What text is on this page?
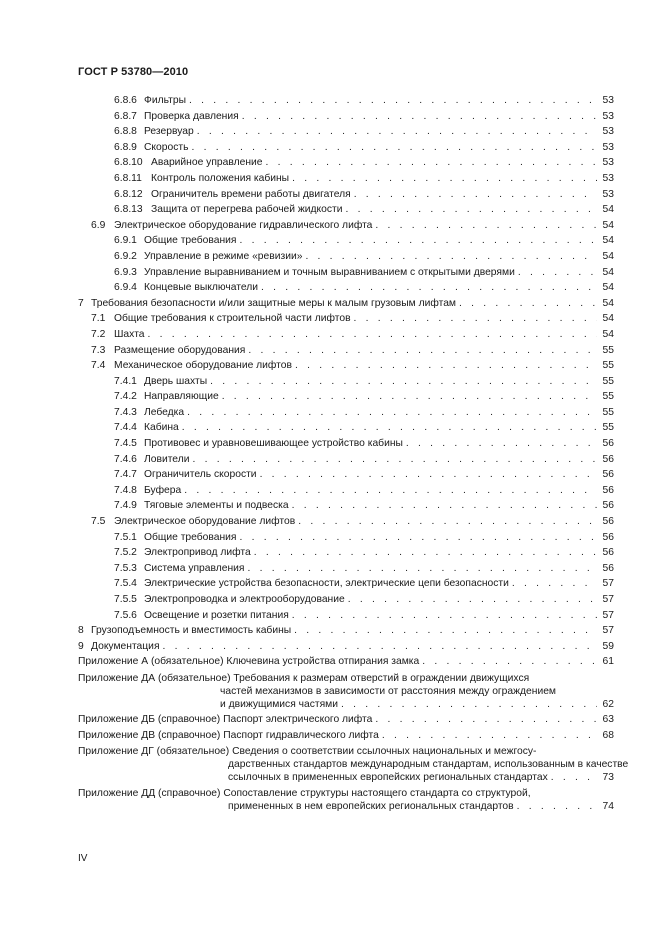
ГОСТ Р 53780—2010
6.8.6 Фильтры . . .	53
6.8.7 Проверка давления . . .	53
6.8.8 Резервуар . . .	53
6.8.9 Скорость . . .	53
6.8.10 Аварийное управление . . .	53
6.8.11 Контроль положения кабины . . .	53
6.8.12 Ограничитель времени работы двигателя . . .	53
6.8.13 Защита от перегрева рабочей жидкости . . .	54
6.9 Электрическое оборудование гидравлического лифта . . .	54
6.9.1 Общие требования . . .	54
6.9.2 Управление в режиме «ревизии» . . .	54
6.9.3 Управление выравниванием и точным выравниванием с открытыми дверями . . .	54
6.9.4 Концевые выключатели . . .	54
7 Требования безопасности и/или защитные меры к малым грузовым лифтам . . .	54
7.1 Общие требования к строительной части лифтов . . .	54
7.2 Шахта . . .	54
7.3 Размещение оборудования . . .	55
7.4 Механическое оборудование лифтов . . .	55
7.4.1 Дверь шахты . . .	55
7.4.2 Направляющие . . .	55
7.4.3 Лебедка . . .	55
7.4.4 Кабина . . .	55
7.4.5 Противовес и уравновешивающее устройство кабины . . .	56
7.4.6 Ловители . . .	56
7.4.7 Ограничитель скорости . . .	56
7.4.8 Буфера . . .	56
7.4.9 Тяговые элементы и подвеска . . .	56
7.5 Электрическое оборудование лифтов . . .	56
7.5.1 Общие требования . . .	56
7.5.2 Электропривод лифта . . .	56
7.5.3 Система управления . . .	56
7.5.4 Электрические устройства безопасности, электрические цепи безопасности . . .	57
7.5.5 Электропроводка и электрооборудование . . .	57
7.5.6 Освещение и розетки питания . . .	57
8 Грузоподъемность и вместимость кабины . . .	57
9 Документация . . .	59
Приложение А (обязательное) Ключевина устройства отпирания замка . . .	61
Приложение ДА (обязательное) Требования к размерам отверстий в ограждении движущихся
частей механизмов в зависимости от расстояния между ограждением
и движущимися частями . . .	62
Приложение ДБ (справочное) Паспорт электрического лифта . . .	63
Приложение ДВ (справочное) Паспорт гидравлического лифта . . .	68
Приложение ДГ (обязательное) Сведения о соответствии ссылочных национальных и межгосу-
дарственных стандартов международным стандартам, использованным в качестве
ссылочных в примененных европейских региональных стандартах . . .	73
Приложение ДД (справочное) Сопоставление структуры настоящего стандарта со структурой,
примененных в нем европейских региональных стандартов . . .	74
IV
